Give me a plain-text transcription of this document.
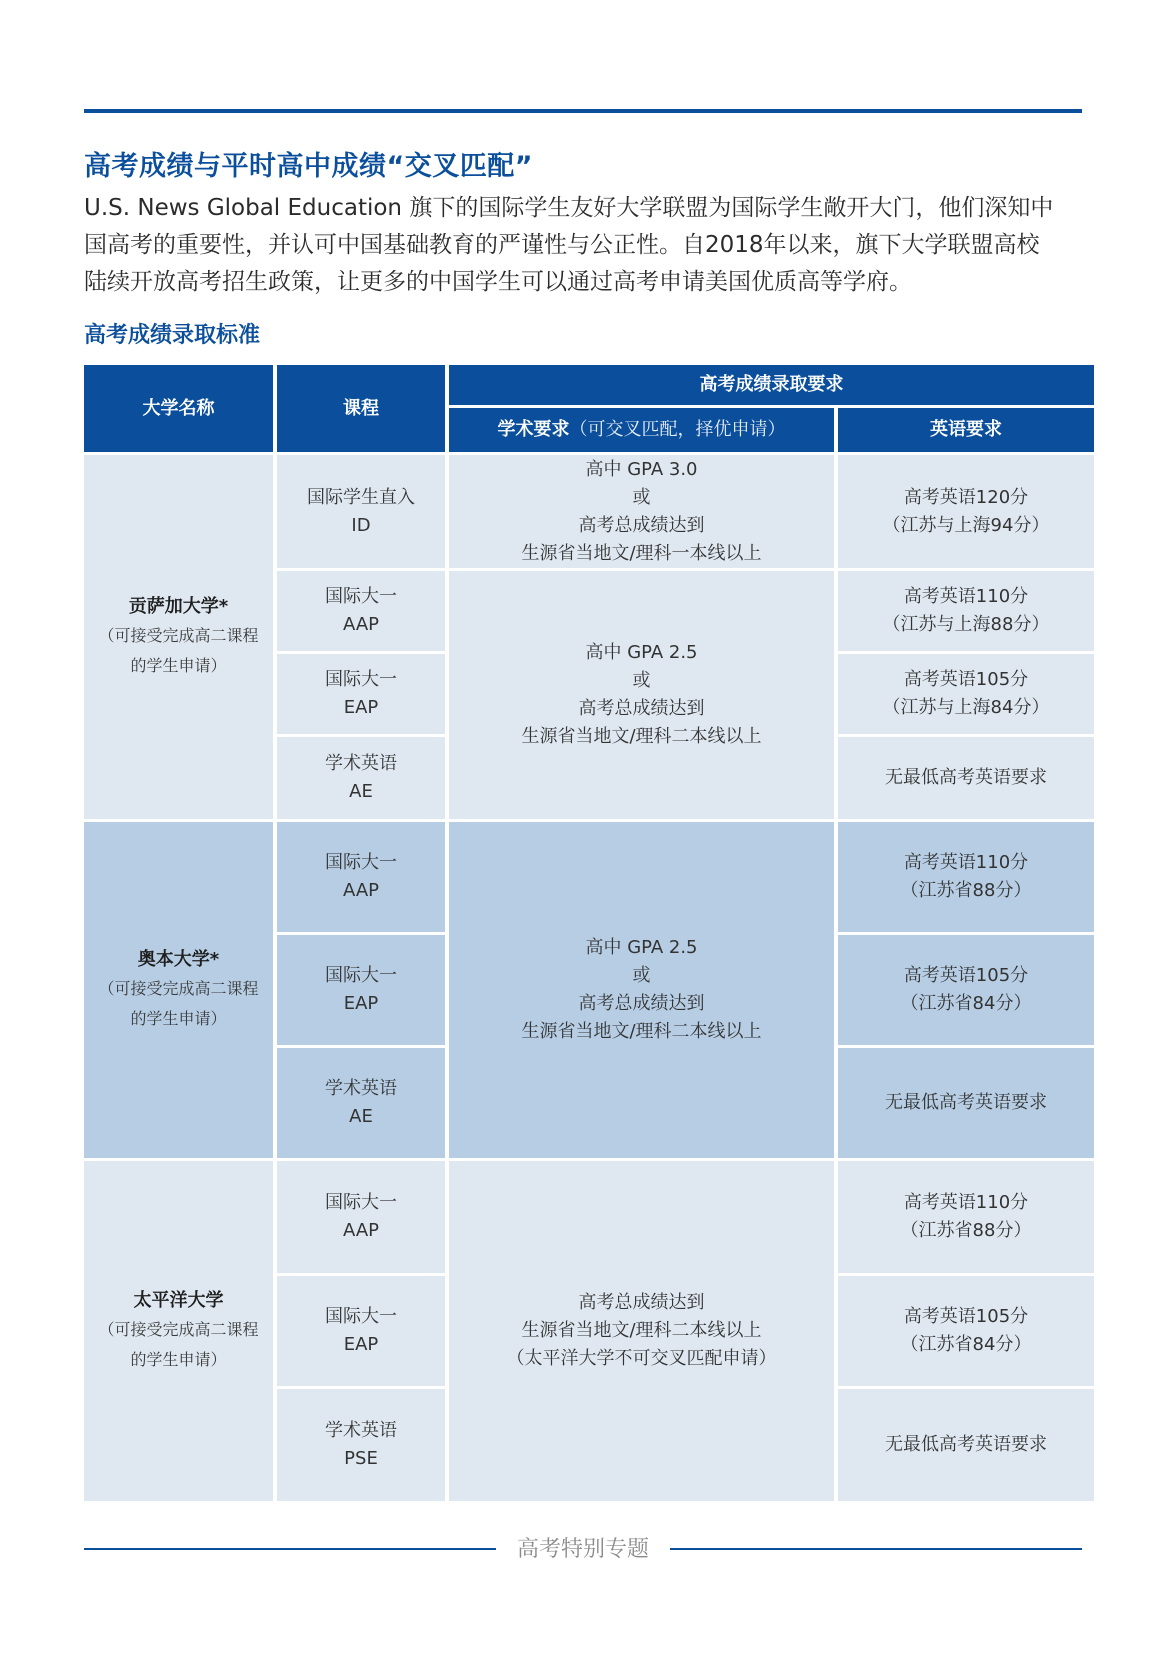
高考成绩与平时高中成绩“交叉匹配”
U.S. News Global Education 旗下的国际学生友好大学联盟为国际学生敞开大门，他们深知中
国高考的重要性，并认可中国基础教育的严谨性与公正性。自2018年以来，旗下大学联盟高校
陆续开放高考招生政策，让更多的中国学生可以通过高考申请美国优质高等学府。
高考成绩录取标准
大学名称	课程
高考成绩录取要求
学术要求 （可交叉匹配，择优申请）	英语要求
贡萨加大学*
（可接受完成高二课程
的学生申请）
国际学生直入
ID
国际大一
AAP
国际大一
EAP
学术英语
AE
高中 GPA 3.0
或
高考总成绩达到
生源省当地文/理科一本线以上
高中 GPA 2.5
或
高考总成绩达到
生源省当地文/理科二本线以上
高考英语120分
（江苏与上海94分）
高考英语110分
（江苏与上海88分）
高考英语105分
（江苏与上海84分）
无最低高考英语要求
奥本大学*
（可接受完成高二课程
的学生申请）
国际大一
AAP
国际大一
EAP
学术英语
AE
高中 GPA 2.5
或
高考总成绩达到
生源省当地文/理科二本线以上
高考英语110分
（江苏省88分）
高考英语105分
（江苏省84分）
无最低高考英语要求
太平洋大学
（可接受完成高二课程
的学生申请）
国际大一
AAP
国际大一
EAP
学术英语
PSE
高考总成绩达到
生源省当地文/理科二本线以上
（太平洋大学不可交叉匹配申请）
高考英语110分
（江苏省88分）
高考英语105分
（江苏省84分）
无最低高考英语要求

高考特别专题
